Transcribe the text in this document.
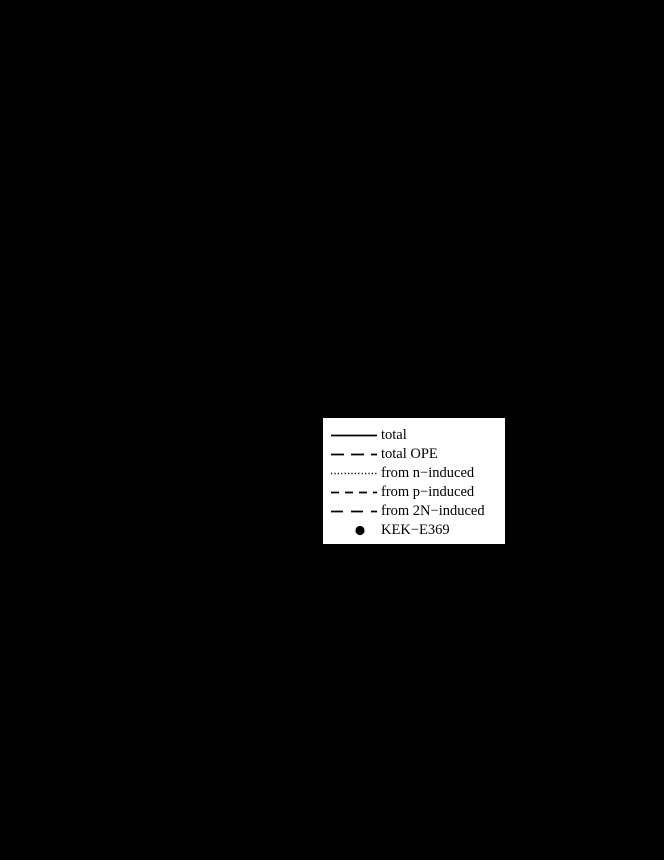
total
total OPE
from n−induced
from p−induced
from 2N−induced
KEK−E369
